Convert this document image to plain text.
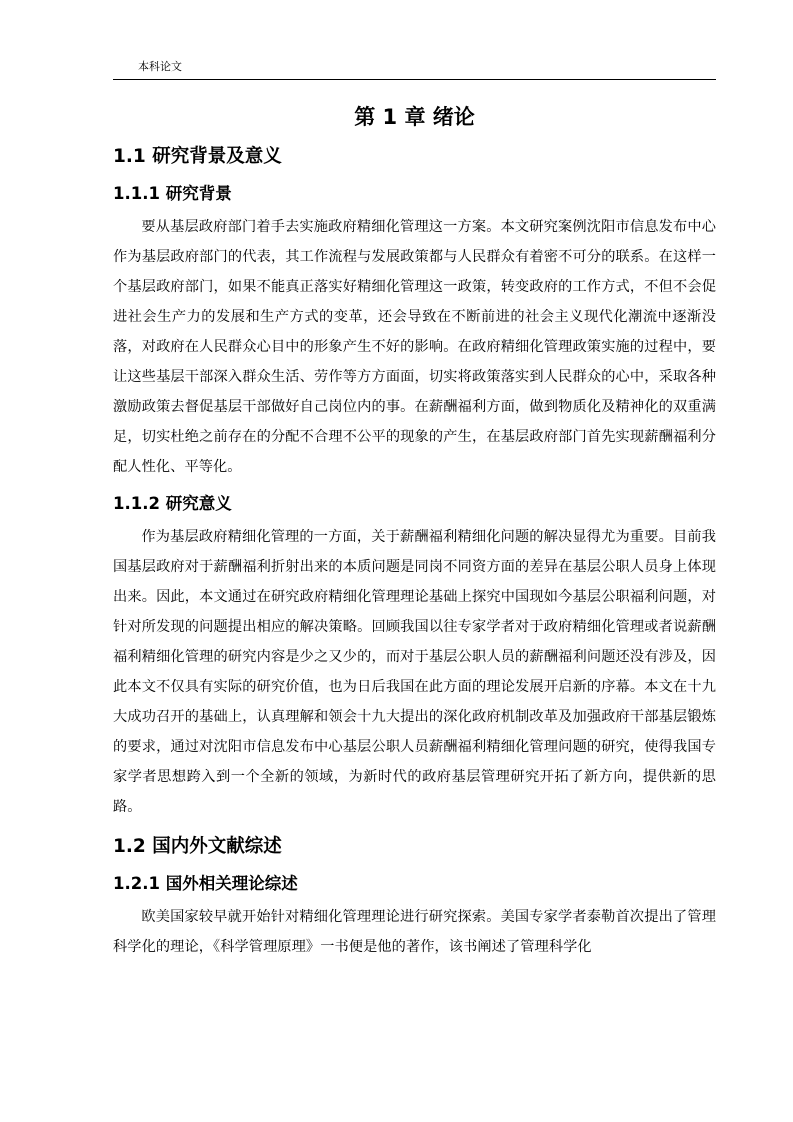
本科论文
第 1 章 绪论
1.1 研究背景及意义
1.1.1 研究背景

要从基层政府部门着手去实施政府精细化管理这一方案。本文研究案例沈阳市信息发布中心作为基层政府部门的代表，其工作流程与发展政策都与人民群众有着密不可分的联系。在这样一个基层政府部门，如果不能真正落实好精细化管理这一政策，转变政府的工作方式，不但不会促进社会生产力的发展和生产方式的变革，还会导致在不断前进的社会主义现代化潮流中逐渐没落，对政府在人民群众心目中的形象产生不好的影响。在政府精细化管理政策实施的过程中，要让这些基层干部深入群众生活、劳作等方方面面，切实将政策落实到人民群众的心中，采取各种激励政策去督促基层干部做好自己岗位内的事。在薪酬福利方面，做到物质化及精神化的双重满足，切实杜绝之前存在的分配不合理不公平的现象的产生，在基层政府部门首先实现薪酬福利分配人性化、平等化。

1.1.2 研究意义

作为基层政府精细化管理的一方面，关于薪酬福利精细化问题的解决显得尤为重要。目前我国基层政府对于薪酬福利折射出来的本质问题是同岗不同资方面的差异在基层公职人员身上体现出来。因此，本文通过在研究政府精细化管理理论基础上探究中国现如今基层公职福利问题，对针对所发现的问题提出相应的解决策略。回顾我国以往专家学者对于政府精细化管理或者说薪酬福利精细化管理的研究内容是少之又少的，而对于基层公职人员的薪酬福利问题还没有涉及，因此本文不仅具有实际的研究价值，也为日后我国在此方面的理论发展开启新的序幕。本文在十九大成功召开的基础上，认真理解和领会十九大提出的深化政府机制改革及加强政府干部基层锻炼的要求，通过对沈阳市信息发布中心基层公职人员薪酬福利精细化管理问题的研究，使得我国专家学者思想跨入到一个全新的领域，为新时代的政府基层管理研究开拓了新方向，提供新的思路。

1.2 国内外文献综述
1.2.1 国外相关理论综述

欧美国家较早就开始针对精细化管理理论进行研究探索。美国专家学者泰勒首次提出了管理科学化的理论，《科学管理原理》一书便是他的著作，该书阐述了管理科学化
